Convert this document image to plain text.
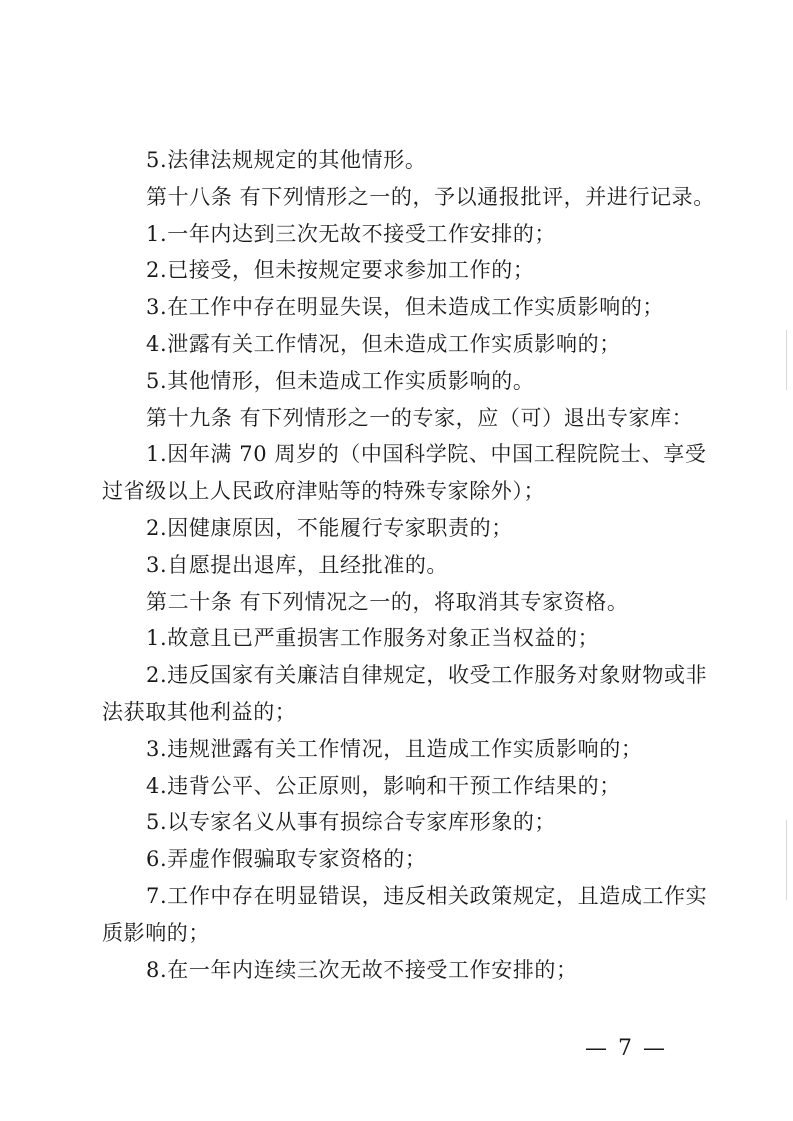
5.法律法规规定的其他情形。
第十八条 有下列情形之一的，予以通报批评，并进行记录。
1.一年内达到三次无故不接受工作安排的；
2.已接受，但未按规定要求参加工作的；
3.在工作中存在明显失误，但未造成工作实质影响的；
4.泄露有关工作情况，但未造成工作实质影响的；
5.其他情形，但未造成工作实质影响的。
第十九条 有下列情形之一的专家，应（可）退出专家库：
1.因年满 70 周岁的（中国科学院、中国工程院院士、享受
过省级以上人民政府津贴等的特殊专家除外）；
2.因健康原因，不能履行专家职责的；
3.自愿提出退库，且经批准的。
第二十条 有下列情况之一的，将取消其专家资格。
1.故意且已严重损害工作服务对象正当权益的；
2.违反国家有关廉洁自律规定，收受工作服务对象财物或非
法获取其他利益的；
3.违规泄露有关工作情况，且造成工作实质影响的；
4.违背公平、公正原则，影响和干预工作结果的；
5.以专家名义从事有损综合专家库形象的；
6.弄虚作假骗取专家资格的；
7.工作中存在明显错误，违反相关政策规定，且造成工作实
质影响的；
8.在一年内连续三次无故不接受工作安排的；
— 7 —
